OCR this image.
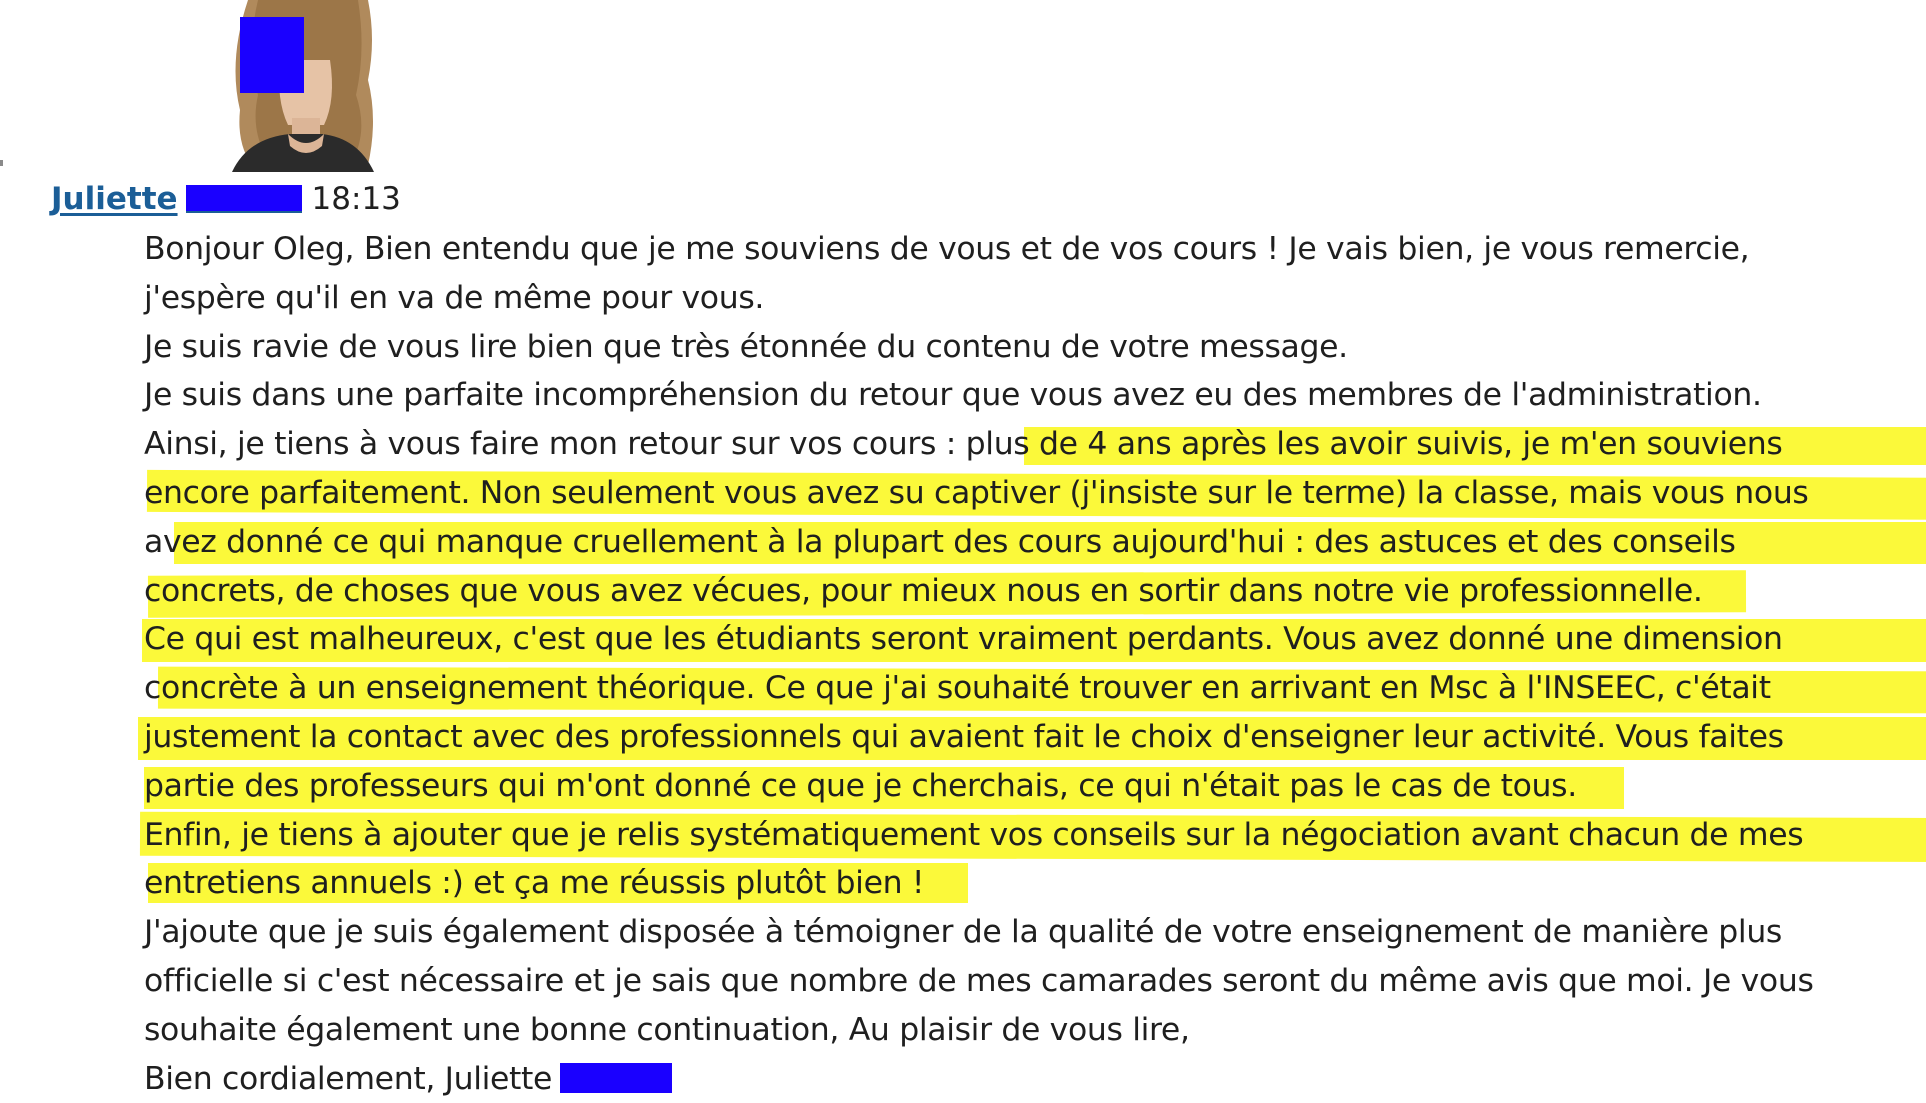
Juliette	18:13
Bonjour Oleg, Bien entendu que je me souviens de vous et de vos cours ! Je vais bien, je vous remercie,
j'espère qu'il en va de même pour vous.
Je suis ravie de vous lire bien que très étonnée du contenu de votre message.
Je suis dans une parfaite incompréhension du retour que vous avez eu des membres de l'administration.
Ainsi, je tiens à vous faire mon retour sur vos cours : plus de 4 ans après les avoir suivis, je m'en souviens
encore parfaitement. Non seulement vous avez su captiver (j'insiste sur le terme) la classe, mais vous nous
avez donné ce qui manque cruellement à la plupart des cours aujourd'hui : des astuces et des conseils
concrets, de choses que vous avez vécues, pour mieux nous en sortir dans notre vie professionnelle.
Ce qui est malheureux, c'est que les étudiants seront vraiment perdants. Vous avez donné une dimension
concrète à un enseignement théorique. Ce que j'ai souhaité trouver en arrivant en Msc à l'INSEEC, c'était
justement la contact avec des professionnels qui avaient fait le choix d'enseigner leur activité. Vous faites
partie des professeurs qui m'ont donné ce que je cherchais, ce qui n'était pas le cas de tous.
Enfin, je tiens à ajouter que je relis systématiquement vos conseils sur la négociation avant chacun de mes
entretiens annuels :) et ça me réussis plutôt bien !
J'ajoute que je suis également disposée à témoigner de la qualité de votre enseignement de manière plus
officielle si c'est nécessaire et je sais que nombre de mes camarades seront du même avis que moi. Je vous
souhaite également une bonne continuation, Au plaisir de vous lire,
Bien cordialement, Juliette
